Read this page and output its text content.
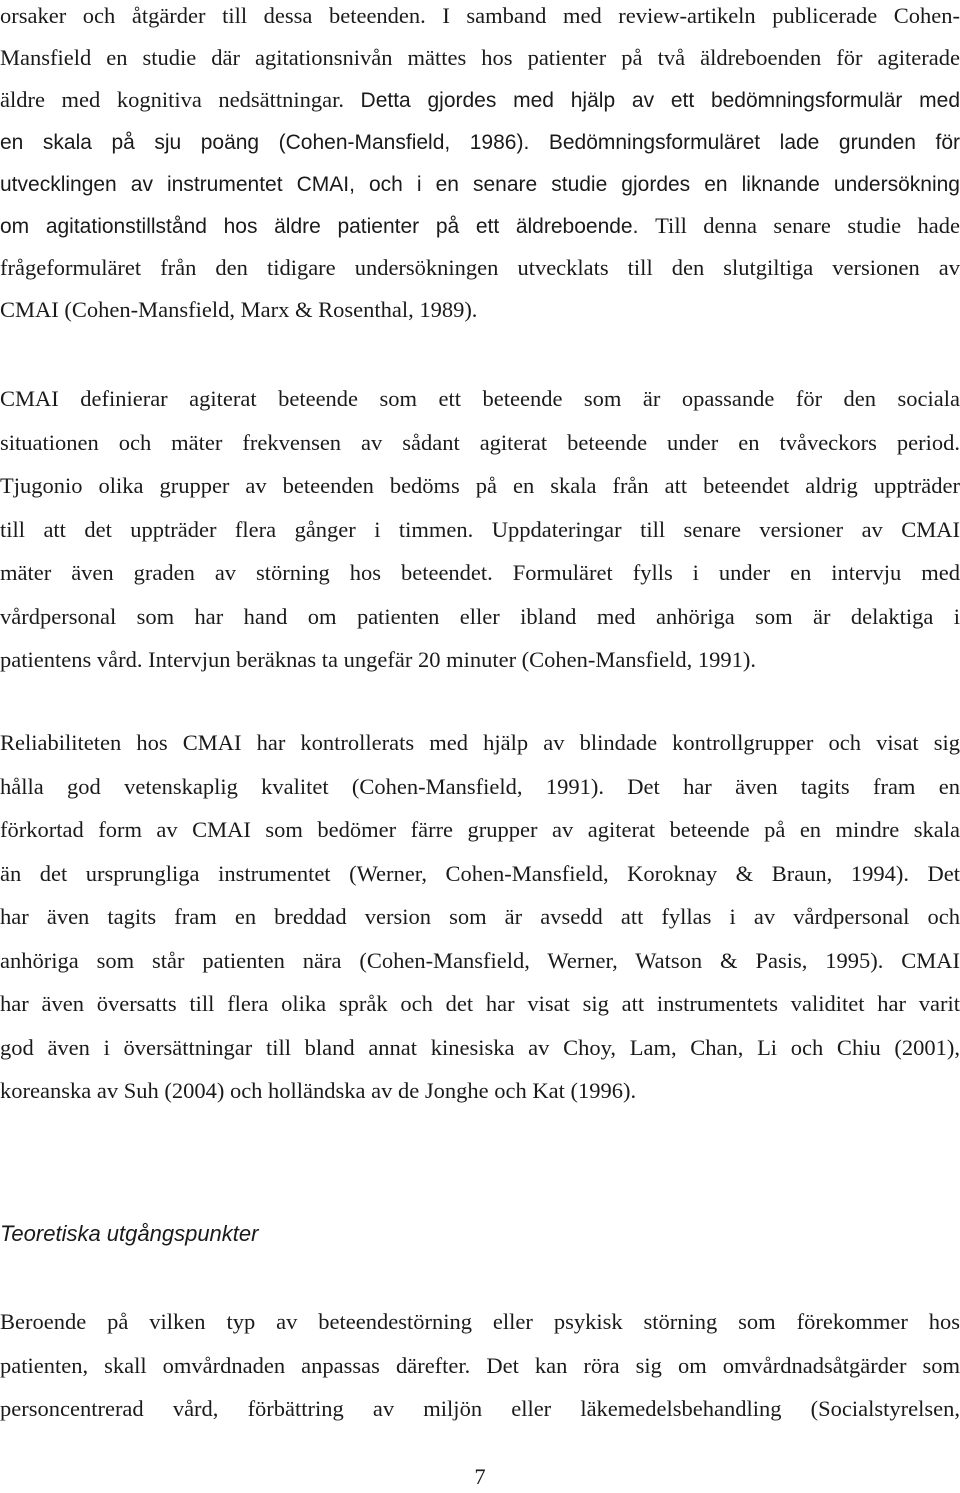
orsaker och åtgärder till dessa beteenden. I samband med review-artikeln publicerade Cohen-
Mansfield en studie där agitationsnivån mättes hos patienter på två äldreboenden för agiterade
äldre med kognitiva nedsättningar. Detta gjordes med hjälp av ett bedömningsformulär med
en skala på sju poäng (Cohen-Mansfield, 1986). Bedömningsformuläret lade grunden för
utvecklingen av instrumentet CMAI, och i en senare studie gjordes en liknande undersökning
om agitationstillstånd hos äldre patienter på ett äldreboende. Till denna senare studie hade
frågeformuläret från den tidigare undersökningen utvecklats till den slutgiltiga versionen av
CMAI (Cohen-Mansfield, Marx & Rosenthal, 1989).
CMAI definierar agiterat beteende som ett beteende som är opassande för den sociala
situationen och mäter frekvensen av sådant agiterat beteende under en tvåveckors period.
Tjugonio olika grupper av beteenden bedöms på en skala från att beteendet aldrig uppträder
till att det uppträder flera gånger i timmen. Uppdateringar till senare versioner av CMAI
mäter även graden av störning hos beteendet. Formuläret fylls i under en intervju med
vårdpersonal som har hand om patienten eller ibland med anhöriga som är delaktiga i
patientens vård. Intervjun beräknas ta ungefär 20 minuter (Cohen-Mansfield, 1991).
Reliabiliteten hos CMAI har kontrollerats med hjälp av blindade kontrollgrupper och visat sig
hålla god vetenskaplig kvalitet (Cohen-Mansfield, 1991). Det har även tagits fram en
förkortad form av CMAI som bedömer färre grupper av agiterat beteende på en mindre skala
än det ursprungliga instrumentet (Werner, Cohen-Mansfield, Koroknay & Braun, 1994). Det
har även tagits fram en breddad version som är avsedd att fyllas i av vårdpersonal och
anhöriga som står patienten nära (Cohen-Mansfield, Werner, Watson & Pasis, 1995). CMAI
har även översatts till flera olika språk och det har visat sig att instrumentets validitet har varit
god även i översättningar till bland annat kinesiska av Choy, Lam, Chan, Li och Chiu (2001),
koreanska av Suh (2004) och holländska av de Jonghe och Kat (1996).
Teoretiska utgångspunkter
Beroende på vilken typ av beteendestörning eller psykisk störning som förekommer hos
patienten, skall omvårdnaden anpassas därefter. Det kan röra sig om omvårdnadsåtgärder som
personcentrerad vård, förbättring av miljön eller läkemedelsbehandling (Socialstyrelsen,
7
